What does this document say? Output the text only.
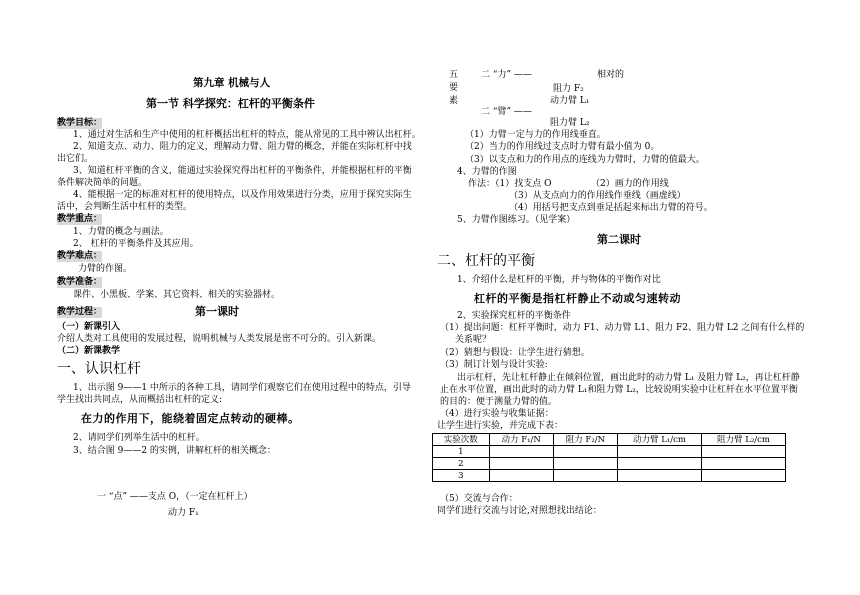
第九章 机械与人
第一节 科学探究：杠杆的平衡条件
教学目标：
1、通过对生活和生产中使用的杠杆概括出杠杆的特点，能从常见的工具中辨认出杠杆。
2、知道支点、动力、阻力的定义，理解动力臂、阻力臂的概念，并能在实际杠杆中找
出它们。
3、知道杠杆平衡的含义，能通过实验探究得出杠杆的平衡条件，并能根据杠杆的平衡
条件解决简单的问题。
4、能根据一定的标准对杠杆的使用特点，以及作用效果进行分类，应用于探究实际生
活中，会判断生活中杠杆的类型。
教学重点：
1、力臂的概念与画法。
2、 杠杆的平衡条件及其应用。
教学难点：
力臂的作图。
教学准备：
课件、小黑板、学案、其它资料、相关的实验器材。
教学过程：	第一课时
（一）新课引入
介绍人类对工具使用的发展过程，说明机械与人类发展是密不可分的。引入新课。
（二）新课教学
一、认识杠杆
1、出示图 9——1 中所示的各种工具，请同学们观察它们在使用过程中的特点，引导
学生找出共同点，从而概括出杠杆的定义:
在力的作用下，能绕着固定点转动的硬棒。
2、请同学们列举生活中的杠杆。
3、结合图 9——2 的实例，讲解杠杆的相关概念：
一 “点” ——支点 O，（一定在杠杆上）
动力 F₁
五
要
素
二 “力” ——	相对的
阻力 F₂
动力臂 L₁
二 “臂” ——
阻力臂 L₂
（1）力臂一定与力的作用线垂直。
（2）当力的作用线过支点时力臂有最小值为 0。
（3）以支点和力的作用点的连线为力臂时，力臂的值最大。
4、力臂的作图
作法：（1）找支点 O	（2）画力的作用线
（3）从支点向力的作用线作垂线（画虚线）
（4）用括号把支点到垂足括起来标出力臂的符号。
5、力臂作图练习。（见学案）
第二课时
二、杠杆的平衡
1、介绍什么是杠杆的平衡，并与物体的平衡作对比
杠杆的平衡是指杠杆静止不动或匀速转动
2、实验探究杠杆的平衡条件
（1）提出问题：杠杆平衡时，动力 F1、动力臂 L1、阻力 F2、阻力臂 L2 之间有什么样的
关系呢？
（2）猜想与假设：让学生进行猜想。
（3）制订计划与设计实验:
出示杠杆，先让杠杆静止在倾斜位置，画出此时的动力臂 L₁ 及阻力臂 L₂，再让杠杆静
止在水平位置，画出此时的动力臂 L₁和阻力臂 L₂，比较说明实验中让杠杆在水平位置平衡
的目的：便于测量力臂的值。
（4）进行实验与收集证据：
让学生进行实验，并完成下表：
实验次数	动力 F₁/N	阻力 F₂/N	动力臂 L₁/cm	阻力臂 L₂/cm
1				
2				
3				
（5）交流与合作：
同学们进行交流与讨论,对照想找出结论：
